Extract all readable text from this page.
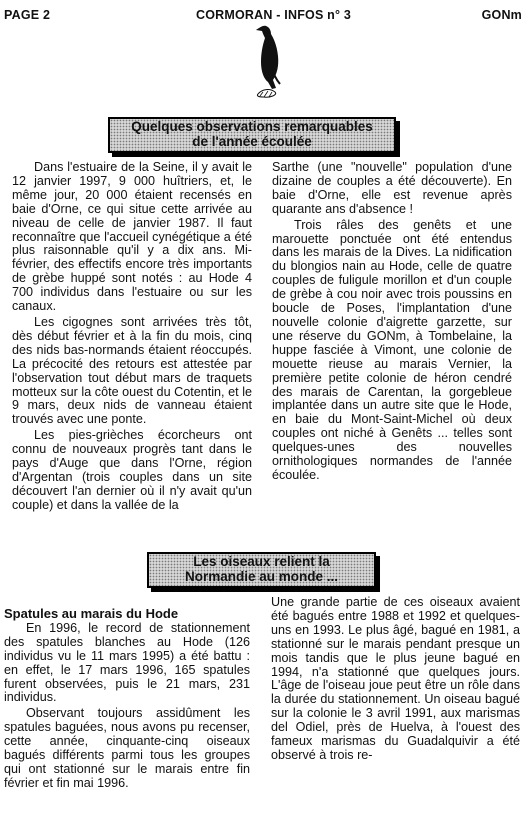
PAGE 2	CORMORAN - INFOS n° 3	GONm
Quelques observations remarquables
de l'année écoulée

Dans l'estuaire de la Seine, il y avait le 12 janvier 1997, 9 000 huîtriers, et, le même jour, 20 000 étaient recensés en baie d'Orne, ce qui situe cette arrivée au niveau de celle de janvier 1987. Il faut reconnaître que l'accueil cynégétique a été plus raisonnable qu'il y a dix ans. Mi-février, des effectifs encore très importants de grèbe huppé sont notés : au Hode 4 700 individus dans l'estuaire ou sur les canaux.

Les cigognes sont arrivées très tôt, dès début février et à la fin du mois, cinq des nids bas-normands étaient réoccupés. La précocité des retours est attestée par l'observation tout début mars de traquets motteux sur la côte ouest du Cotentin, et le 9 mars, deux nids de vanneau étaient trouvés avec une ponte.

Les pies-grièches écorcheurs ont connu de nouveaux progrès tant dans le pays d'Auge que dans l'Orne, région d'Argentan (trois couples dans un site découvert l'an dernier où il n'y avait qu'un couple) et dans la vallée de la

Sarthe (une "nouvelle" population d'une dizaine de couples a été découverte). En baie d'Orne, elle est revenue après quarante ans d'absence !

Trois râles des genêts et une marouette ponctuée ont été entendus dans les marais de la Dives. La nidification du blongios nain au Hode, celle de quatre couples de fuligule morillon et d'un couple de grèbe à cou noir avec trois poussins en boucle de Poses, l'implantation d'une nouvelle colonie d'aigrette garzette, sur une réserve du GONm, à Tombelaine, la huppe fasciée à Vimont, une colonie de mouette rieuse au marais Vernier, la première petite colonie de héron cendré des marais de Carentan, la gorgebleue implantée dans un autre site que le Hode, en baie du Mont-Saint-Michel où deux couples ont niché à Genêts ... telles sont quelques-unes des nouvelles ornithologiques normandes de l'année écoulée.

Les oiseaux relient la
Normandie au monde ...
Spatules au marais du Hode

En 1996, le record de stationnement des spatules blanches au Hode (126 individus vu le 11 mars 1995) a été battu : en effet, le 17 mars 1996, 165 spatules furent observées, puis le 21 mars, 231 individus.

Observant toujours assidûment les spatules baguées, nous avons pu recenser, cette année, cinquante-cinq oiseaux bagués différents parmi tous les groupes qui ont stationné sur le marais entre fin février et fin mai 1996.

Une grande partie de ces oiseaux avaient été bagués entre 1988 et 1992 et quelques-uns en 1993. Le plus âgé, bagué en 1981, a stationné sur le marais pendant presque un mois tandis que le plus jeune bagué en 1994, n'a stationné que quelques jours. L'âge de l'oiseau joue peut être un rôle dans la durée du stationnement. Un oiseau bagué sur la colonie le 3 avril 1991, aux marismas del Odiel, près de Huelva, à l'ouest des fameux marismas du Guadalquivir a été observé à trois re-
